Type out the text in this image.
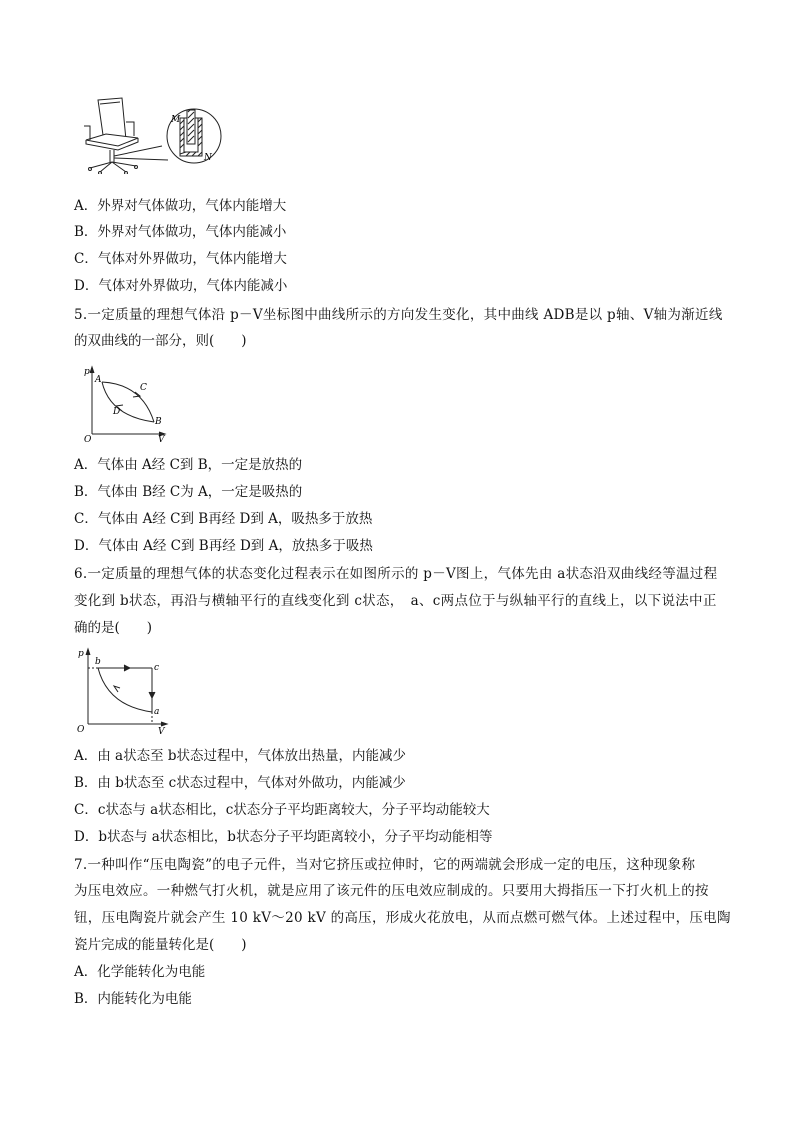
M
N
A．外界对气体做功，气体内能增大
B．外界对气体做功，气体内能减小
C．气体对外界做功，气体内能增大
D．气体对外界做功，气体内能减小
5.一定质量的理想气体沿 p－V坐标图中曲线所示的方向发生变化，其中曲线 ADB是以 p轴、V轴为渐近线
的双曲线的一部分，则(　　)
p
V
O
A
B
C
D
A．气体由 A经 C到 B，一定是放热的
B．气体由 B经 C为 A，一定是吸热的
C．气体由 A经 C到 B再经 D到 A，吸热多于放热
D．气体由 A经 C到 B再经 D到 A，放热多于吸热
6.一定质量的理想气体的状态变化过程表示在如图所示的 p－V图上，气体先由 a状态沿双曲线经等温过程
变化到 b状态，再沿与横轴平行的直线变化到 c状态，　a、c两点位于与纵轴平行的直线上，以下说法中正
确的是(　　)
p
V
O
b
c
a
A．由 a状态至 b状态过程中，气体放出热量，内能减少
B．由 b状态至 c状态过程中，气体对外做功，内能减少
C．c状态与 a状态相比，c状态分子平均距离较大，分子平均动能较大
D．b状态与 a状态相比，b状态分子平均距离较小，分子平均动能相等
7.一种叫作“压电陶瓷”的电子元件，当对它挤压或拉伸时，它的两端就会形成一定的电压，这种现象称
为压电效应。一种燃气打火机，就是应用了该元件的压电效应制成的。只要用大拇指压一下打火机上的按
钮，压电陶瓷片就会产生 10 kV～20 kV 的高压，形成火花放电，从而点燃可燃气体。上述过程中，压电陶
瓷片完成的能量转化是(　　)
A．化学能转化为电能
B．内能转化为电能
